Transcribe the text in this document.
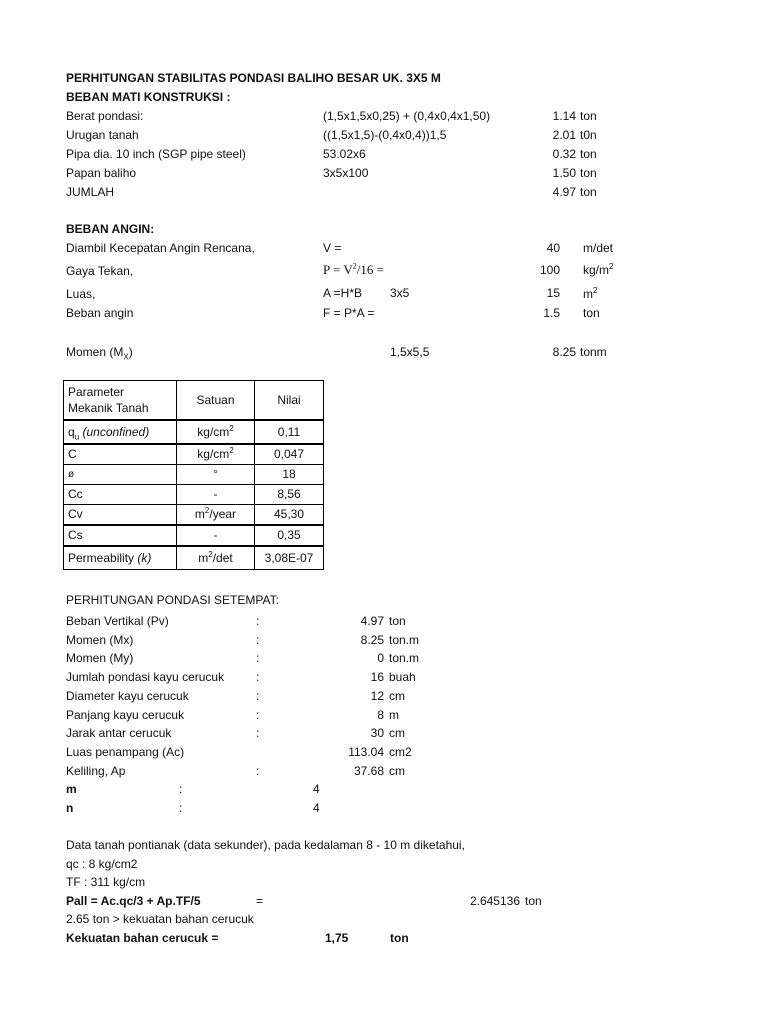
PERHITUNGAN STABILITAS PONDASI BALIHO BESAR UK. 3X5 M
BEBAN MATI KONSTRUKSI :
Berat pondasi:	(1,5x1,5x0,25) + (0,4x0,4x1,50)	1.14 ton
Urugan tanah	((1,5x1,5)-(0,4x0,4))1,5	2.01 t0n
Pipa dia. 10 inch (SGP pipe steel)	53.02x6	0.32 ton
Papan baliho	3x5x100	1.50 ton
JUMLAH	4.97 ton
BEBAN ANGIN:
Diambil Kecepatan Angin Rencana,	V =	40 m/det
Gaya Tekan,	$P = V^2/16$ =	100 $kg/m^2$
Luas,	A =H*B 3x5	15 $m^2$
Beban angin	F = P*A =	1.5 ton
Momen $(M_X)$	1,5x5,5	8.25 tonm
Parameter
Mekanik Tanah	Satuan	Nilai
$q_u$ (unconfined)	$kg/cm^2$	0,11
C	$kg/cm^2$	0,047
ø	°	18
Cc	-	8,56
Cv	$m^2$/year	45,30
Cs	-	0,35
Permeability (k)	$m^2/\det$	3,08E-07
PERHITUNGAN PONDASI SETEMPAT:
Beban Vertikal (Pv)	:	4.97 ton
Momen (Mx)	:	8.25 ton.m
Momen (My)	:	0 ton.m
Jumlah pondasi kayu cerucuk	:	16 buah
Diameter kayu cerucuk	:	12 cm
Panjang kayu cerucuk	:	8 m
Jarak antar cerucuk	:	30 cm
Luas penampang (Ac)	113.04 cm2
Keliling, Ap	:	37.68 cm
m	:	4
n	:	4
Data tanah pontianak (data sekunder), pada kedalaman 8 - 10 m diketahui,
qc : 8 kg/cm2
TF : 311 kg/cm
Pall = Ac.qc/3 + Ap.TF/5	=	2.645136 ton
2.65 ton > kekuatan bahan cerucuk
Kekuatan bahan cerucuk =	1,75	ton
